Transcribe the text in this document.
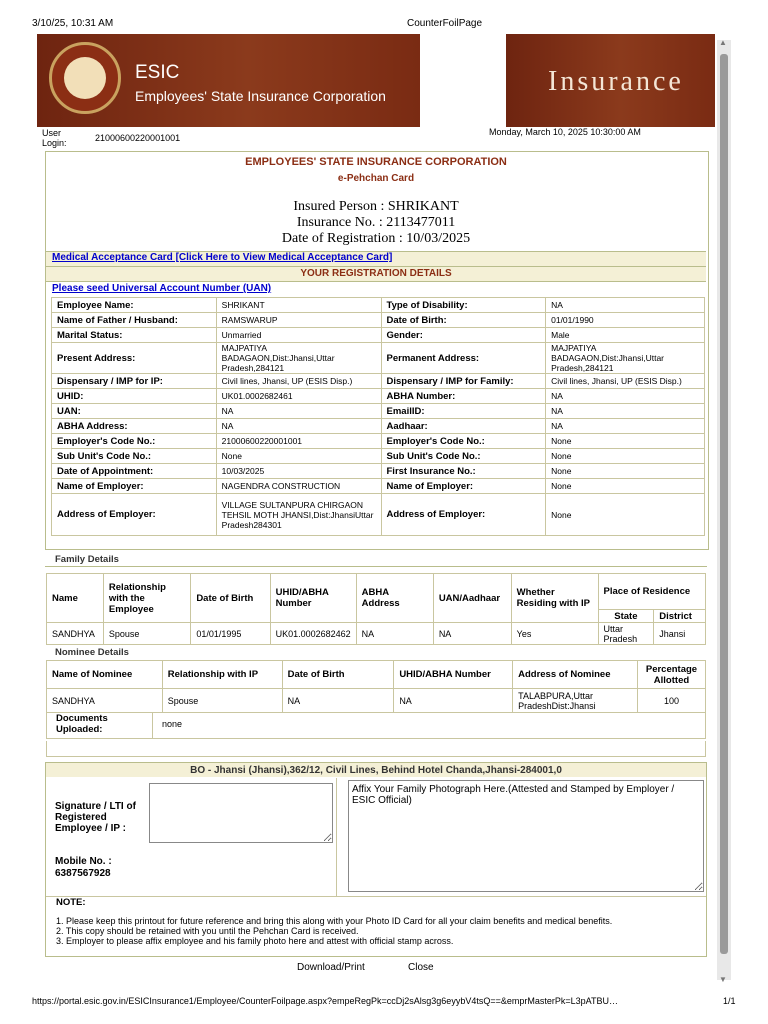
3/10/25, 10:31 AM	CounterFoilPage
ESIC
Employees' State Insurance Corporation	Insurance
▲
▼
User Login:	21000600220001001
Monday, March 10, 2025 10:30:00 AM
EMPLOYEES' STATE INSURANCE CORPORATION
e-Pehchan Card
Insured Person : SHRIKANT
Insurance No. : 2113477011
Date of Registration : 10/03/2025
Medical Acceptance Card [Click Here to View Medical Acceptance Card]
YOUR REGISTRATION DETAILS
Please seed Universal Account Number (UAN)
Employee Name:	SHRIKANT	Type of Disability:	NA
Name of Father / Husband:	RAMSWARUP	Date of Birth:	01/01/1990
Marital Status:	Unmarried	Gender:	Male
Present Address:	MAJPATIYA BADAGAON,Dist:Jhansi,Uttar Pradesh,284121	Permanent Address:	MAJPATIYA BADAGAON,Dist:Jhansi,Uttar Pradesh,284121
Dispensary / IMP for IP:	Civil lines, Jhansi, UP (ESIS Disp.)	Dispensary / IMP for Family:	Civil lines, Jhansi, UP (ESIS Disp.)
UHID:	UK01.0002682461	ABHA Number:	NA
UAN:	NA	EmailID:	NA
ABHA Address:	NA	Aadhaar:	NA
Employer's Code No.:	21000600220001001	Employer's Code No.:	None
Sub Unit's Code No.:	None	Sub Unit's Code No.:	None
Date of Appointment:	10/03/2025	First Insurance No.:	None
Name of Employer:	NAGENDRA CONSTRUCTION	Name of Employer:	None
Address of Employer:	VILLAGE SULTANPURA CHIRGAON TEHSIL MOTH JHANSI,Dist:JhansiUttar Pradesh284301	Address of Employer:	None
Family Details
Name	Relationship with the Employee	Date of Birth	UHID/ABHA Number	ABHA Address	UAN/Aadhaar	Whether Residing with IP	Place of Residence	
							State	District
SANDHYA	Spouse	01/01/1995	UK01.0002682462	NA	NA	Yes	Uttar Pradesh	Jhansi
Nominee Details
Name of Nominee	Relationship with IP	Date of Birth	UHID/ABHA Number	Address of Nominee	Percentage Allotted
SANDHYA	Spouse	NA	NA	TALABPURA,Uttar PradeshDist:Jhansi	100
Documents Uploaded:	none
BO - Jhansi (Jhansi),362/12, Civil Lines, Behind Hotel Chanda,Jhansi-284001,0
Signature / LTI of Registered Employee / IP :
Affix Your Family Photograph Here.(Attested and Stamped by Employer / ESIC Official)
Mobile No. :
6387567928
NOTE:
1. Please keep this printout for future reference and bring this along with your Photo ID Card for all your claim benefits and medical benefits.
2. This copy should be retained with you until the Pehchan Card is received.
3. Employer to please affix employee and his family photo here and attest with official stamp across.
Download/Print	Close
https://portal.esic.gov.in/ESICInsurance1/Employee/CounterFoilpage.aspx?empeRegPk=ccDj2sAlsg3g6eyybV4tsQ==&emprMasterPk=L3pATBU…	1/1
